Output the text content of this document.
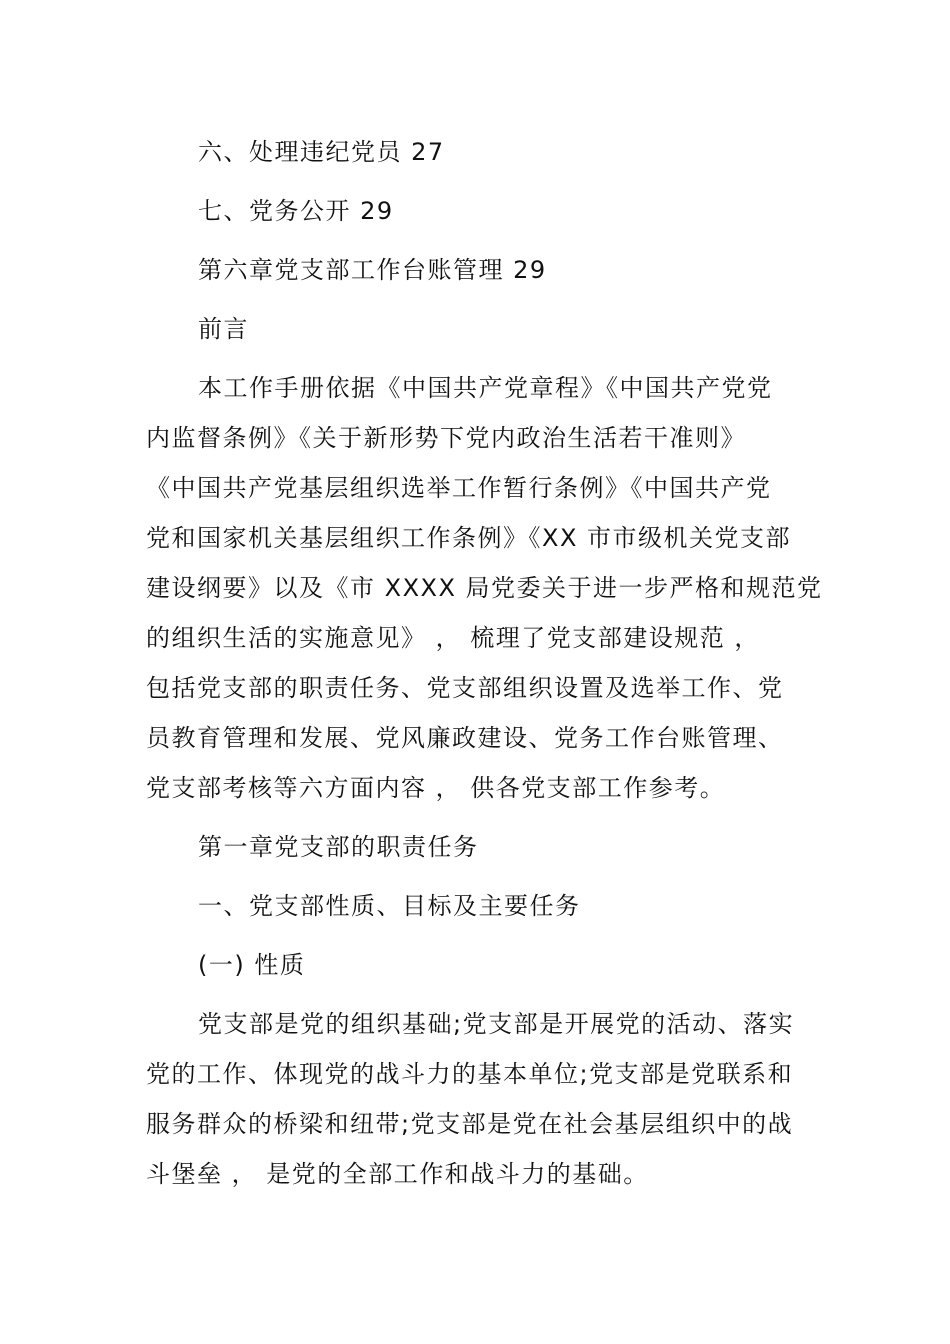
六、处理违纪党员 27
七、党务公开 29
第六章党支部工作台账管理 29
前言
本工作手册依据《中国共产党章程》《中国共产党党
内监督条例》《关于新形势下党内政治生活若干准则》
《中国共产党基层组织选举工作暂行条例》《中国共产党
党和国家机关基层组织工作条例》《XX 市市级机关党支部
建设纲要》以及《市 XXXX 局党委关于进一步严格和规范党
的组织生活的实施意见》 ， 梳理了党支部建设规范 ，
包括党支部的职责任务、党支部组织设置及选举工作、党
员教育管理和发展、党风廉政建设、党务工作台账管理、
党支部考核等六方面内容 ， 供各党支部工作参考。
第一章党支部的职责任务
一、党支部性质、目标及主要任务
(一) 性质
党支部是党的组织基础;党支部是开展党的活动、落实
党的工作、体现党的战斗力的基本单位;党支部是党联系和
服务群众的桥梁和纽带;党支部是党在社会基层组织中的战
斗堡垒 ， 是党的全部工作和战斗力的基础。
